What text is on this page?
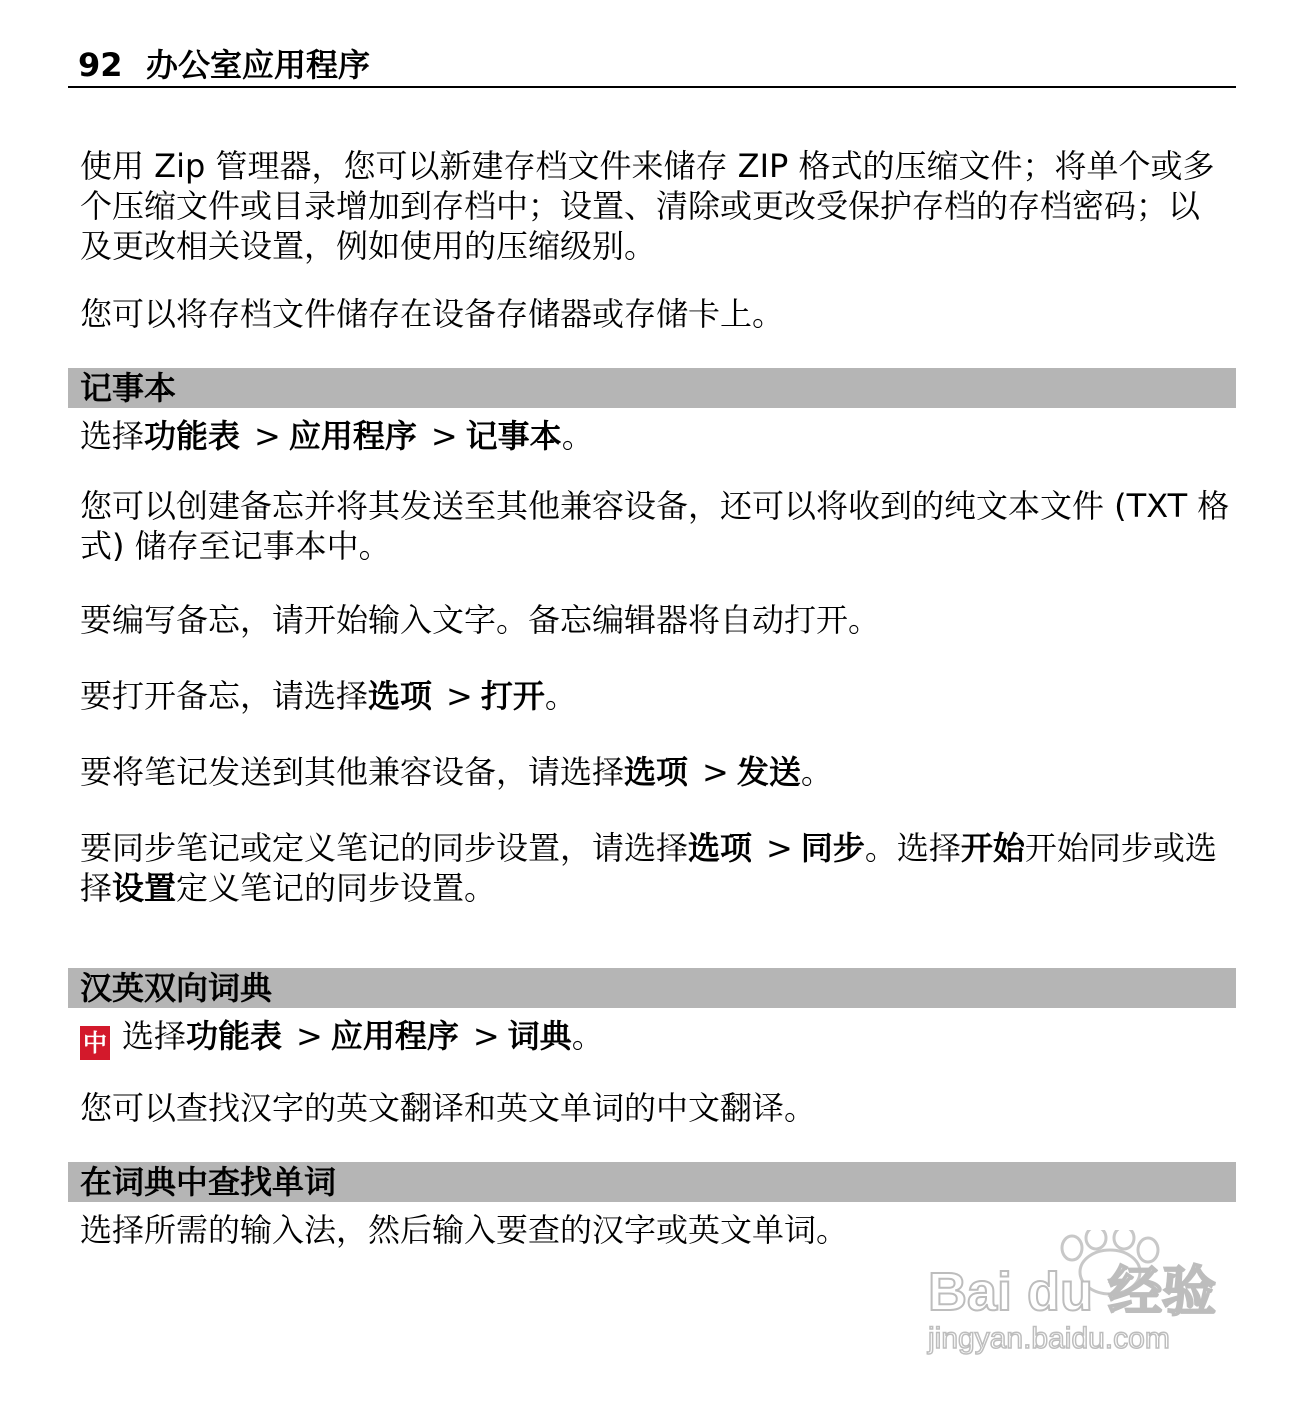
92 办公室应用程序

使用 Zip 管理器，您可以新建存档文件来储存 ZIP 格式的压缩文件；将单个或多个压缩文件或目录增加到存档中；设置、清除或更改受保护存档的存档密码；以及更改相关设置，例如使用的压缩级别。

您可以将存档文件储存在设备存储器或存储卡上。

记事本

选择功能表 > 应用程序 > 记事本。

您可以创建备忘并将其发送至其他兼容设备，还可以将收到的纯文本文件 (TXT 格式) 储存至记事本中。

要编写备忘，请开始输入文字。备忘编辑器将自动打开。

要打开备忘，请选择选项 > 打开。

要将笔记发送到其他兼容设备，请选择选项 > 发送。

要同步笔记或定义笔记的同步设置，请选择选项 > 同步。选择开始开始同步或选择设置定义笔记的同步设置。

汉英双向词典

中 选择功能表 > 应用程序 > 词典。

您可以查找汉字的英文翻译和英文单词的中文翻译。

在词典中查找单词

选择所需的输入法，然后输入要查的汉字或英文单词。

Bai du 经验
jingyan.baidu.com
